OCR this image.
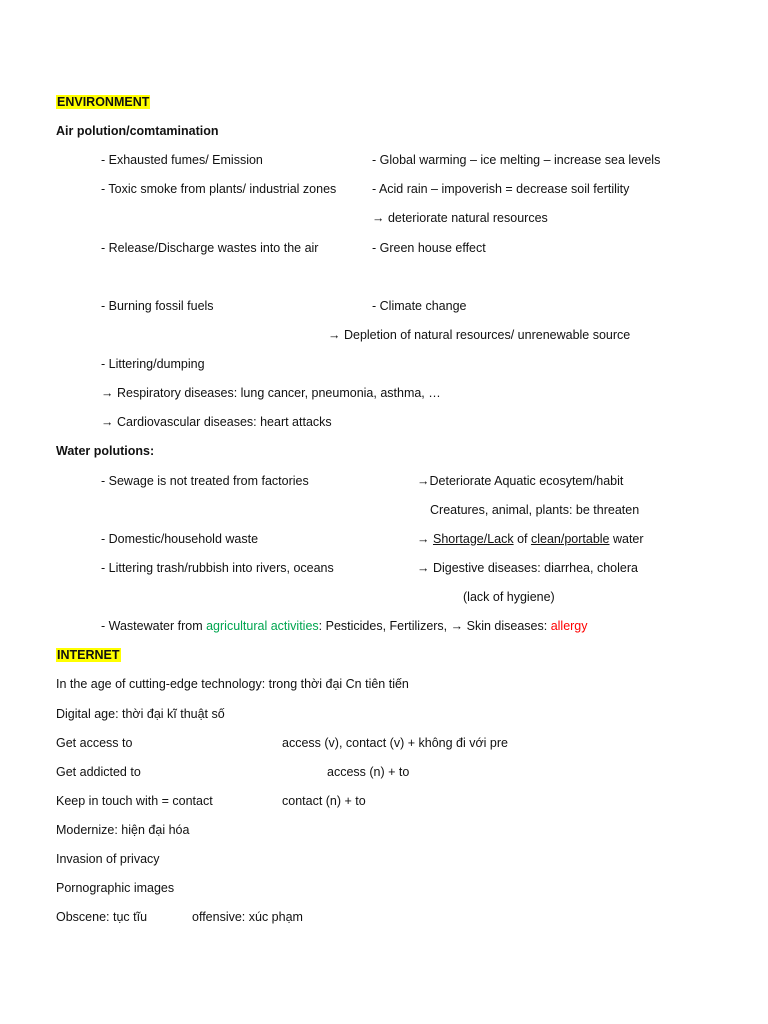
ENVIRONMENT
Air polution/comtamination
- Exhausted fumes/ Emission	- Global warming – ice melting – increase sea levels
- Toxic smoke from plants/ industrial zones	- Acid rain – impoverish = decrease soil fertility
→ deteriorate natural resources
- Release/Discharge wastes into the air	- Green house effect
- Burning fossil fuels	- Climate change
→ Depletion of natural resources/ unrenewable source
- Littering/dumping
→ Respiratory diseases: lung cancer, pneumonia, asthma, …
→ Cardiovascular diseases: heart attacks
Water polutions:
- Sewage is not treated from factories	→Deteriorate Aquatic ecosytem/habit
Creatures, animal, plants: be threaten
- Domestic/household waste	→ Shortage/Lack of clean/portable water
- Littering trash/rubbish into rivers, oceans	→ Digestive diseases: diarrhea, cholera
(lack of hygiene)
- Wastewater from agricultural activities: Pesticides, Fertilizers, → Skin diseases: allergy
INTERNET
In the age of cutting-edge technology: trong thời đại Cn tiên tiến
Digital age: thời đại kĩ thuật số
Get access to	access (v), contact (v) + không đi với pre
Get addicted to	access (n) + to
Keep in touch with = contact	contact (n) + to
Modernize: hiện đại hóa
Invasion of privacy
Pornographic images
Obscene: tục tĩu	offensive: xúc phạm
